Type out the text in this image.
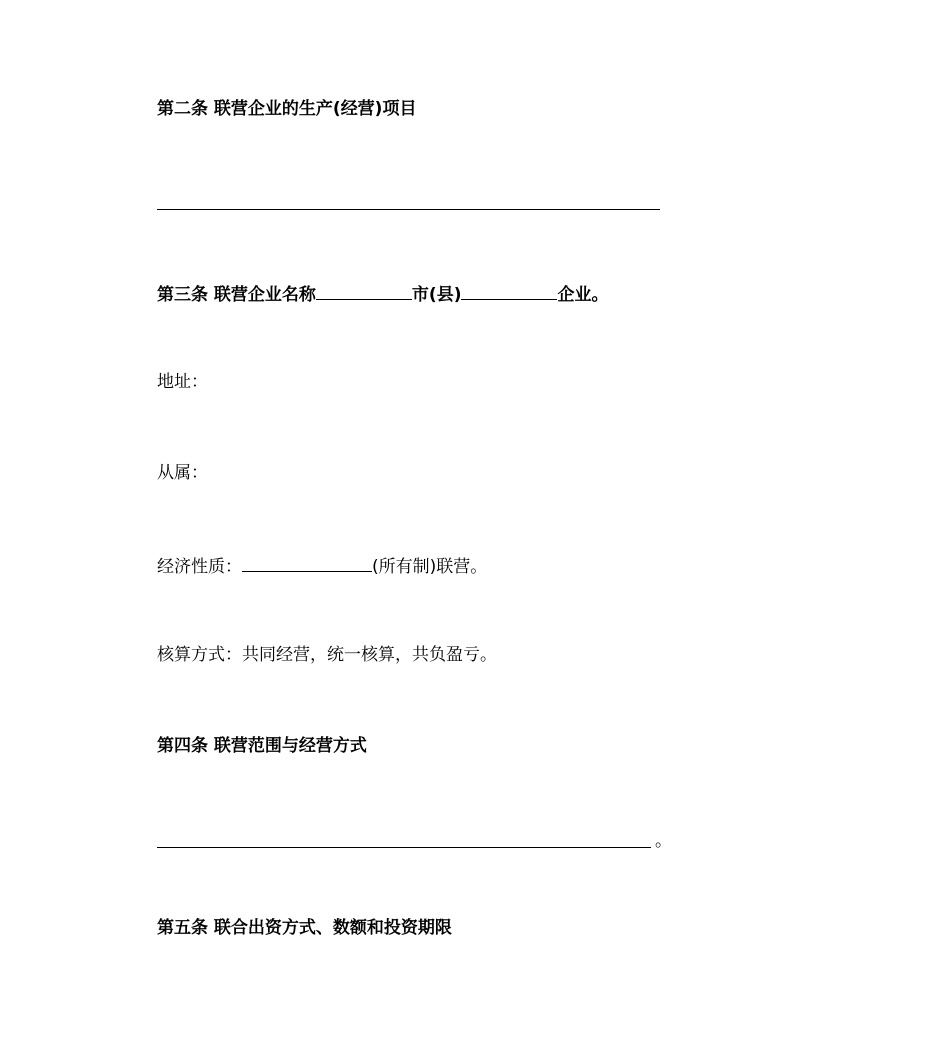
第二条 联营企业的生产(经营)项目
第三条 联营企业名称	市(县)	企业。
地址：
从属：
经济性质：	(所有制)联营。
核算方式：共同经营，统一核算，共负盈亏。
第四条 联营范围与经营方式
。
第五条 联合出资方式、数额和投资期限
